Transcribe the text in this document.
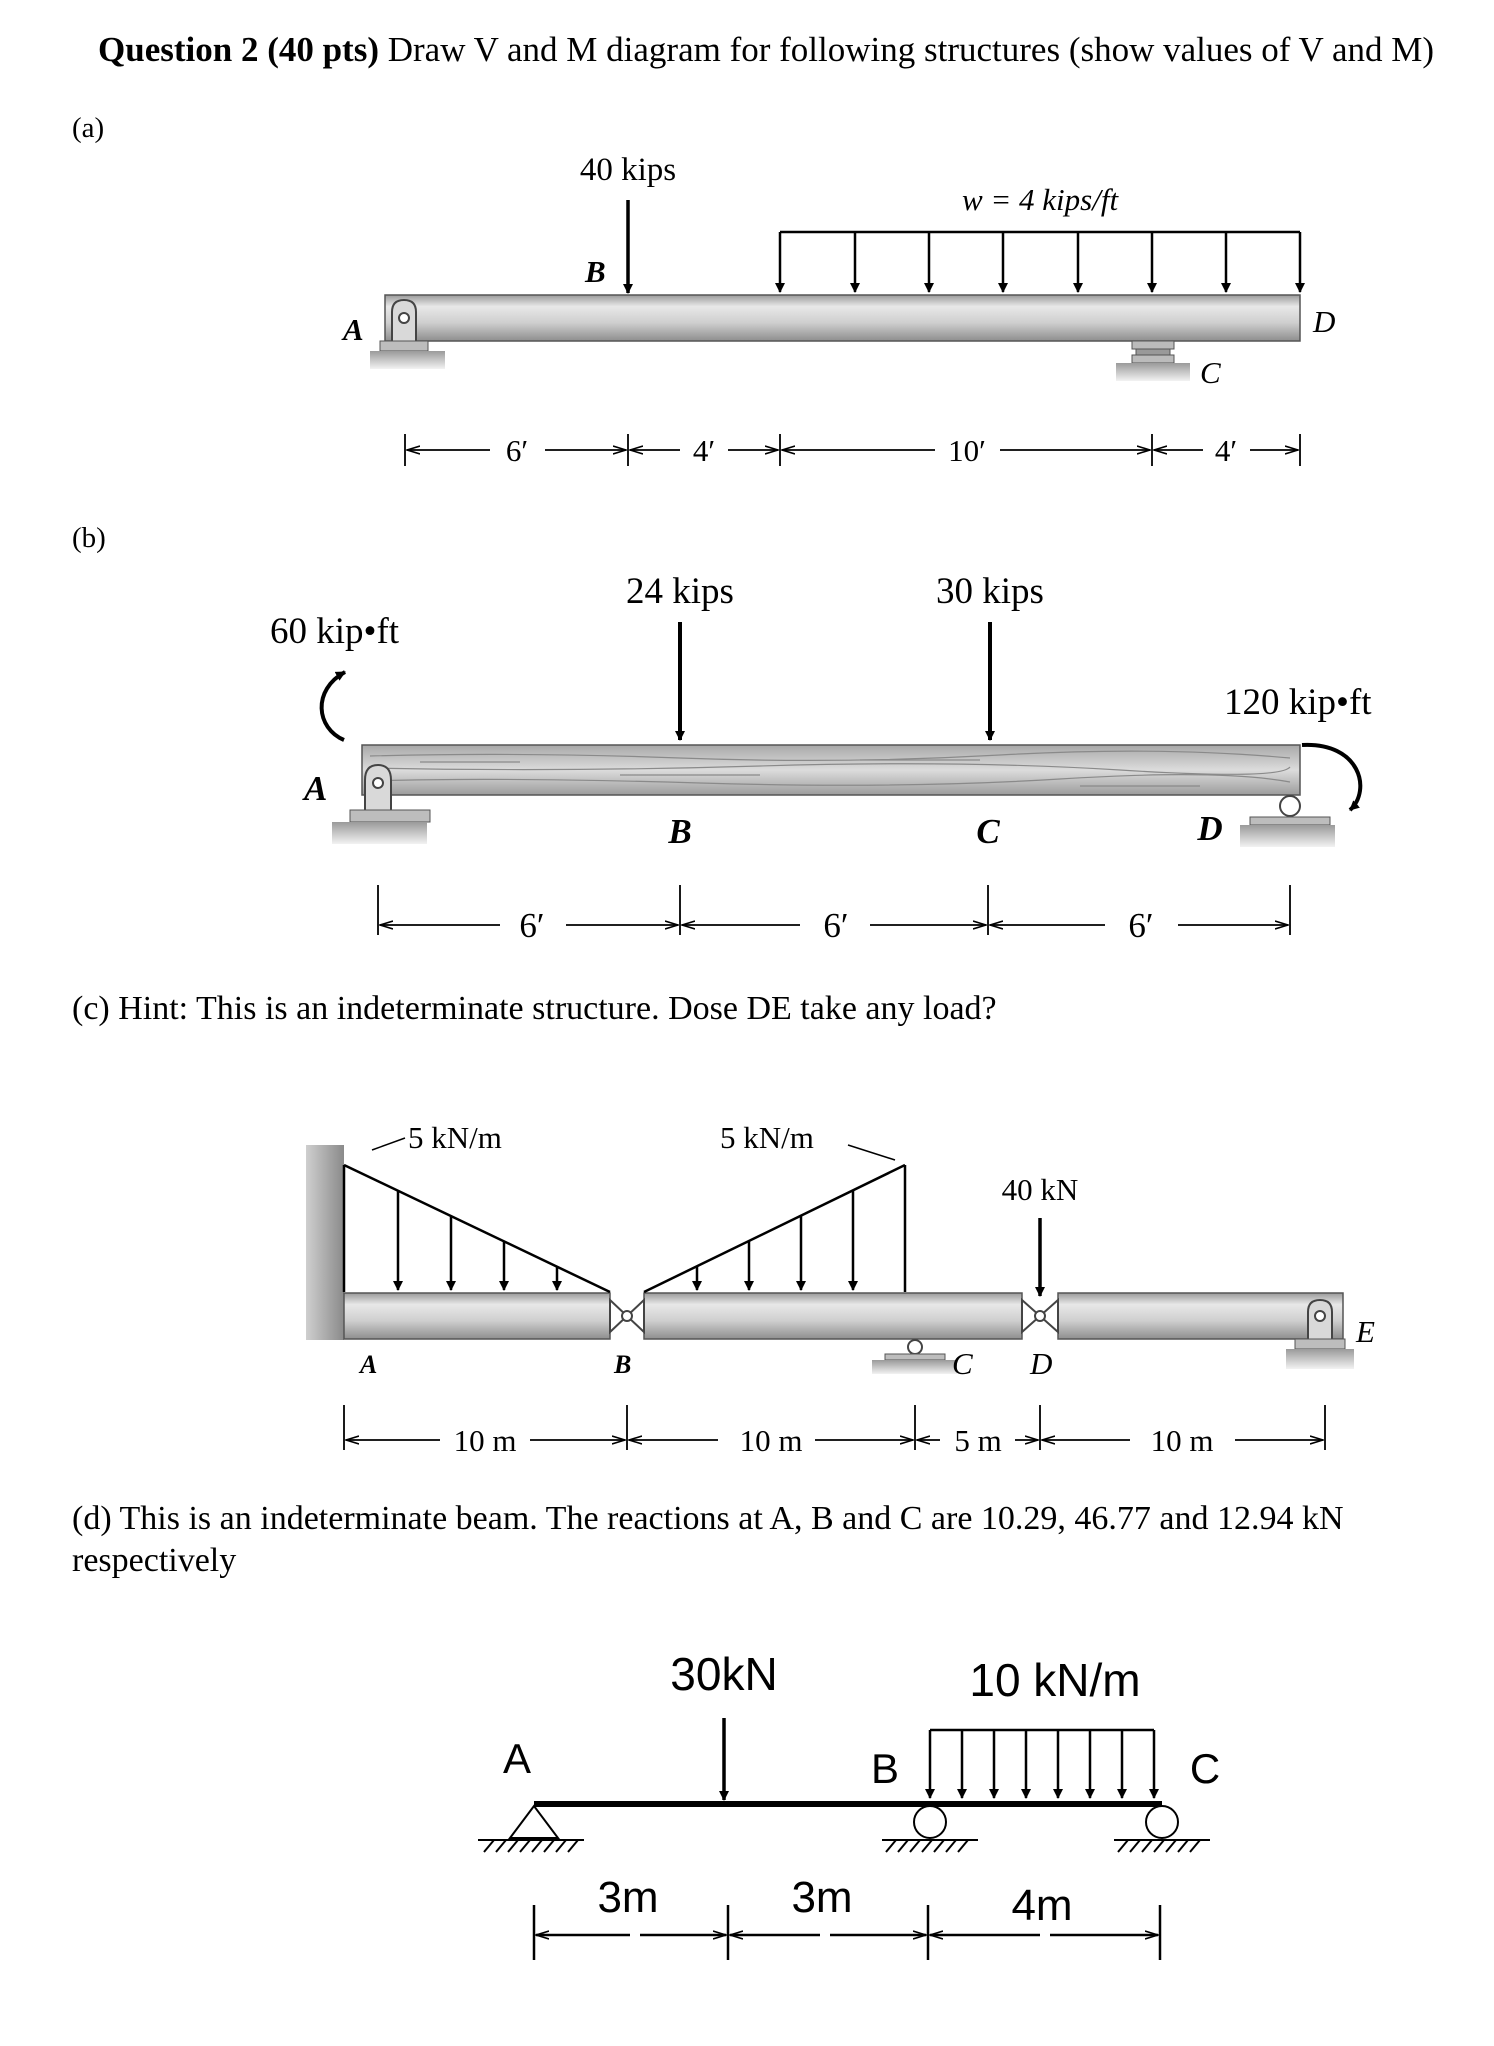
Question 2 (40 pts) Draw V and M diagram for following structures (show values of V and M)
(a)
(b)
(c) Hint: This is an indeterminate structure. Dose DE take any load?
(d) This is an indeterminate beam. The reactions at A, B and C are 10.29, 46.77 and 12.94 kN
respectively
40 kips
w = 4 kips/ft
A
B
C
D
6′	4′	10′	4′
60 kip•ft
120 kip•ft
24 kips	30 kips
A
B	C	D
6′	6′	6′
5 kN/m	5 kN/m
40 kN
A	B	C D
E
10 m	10 m	5 m	10 m
30kN	10 kN/m
A	B	C
3m	3m	4m
